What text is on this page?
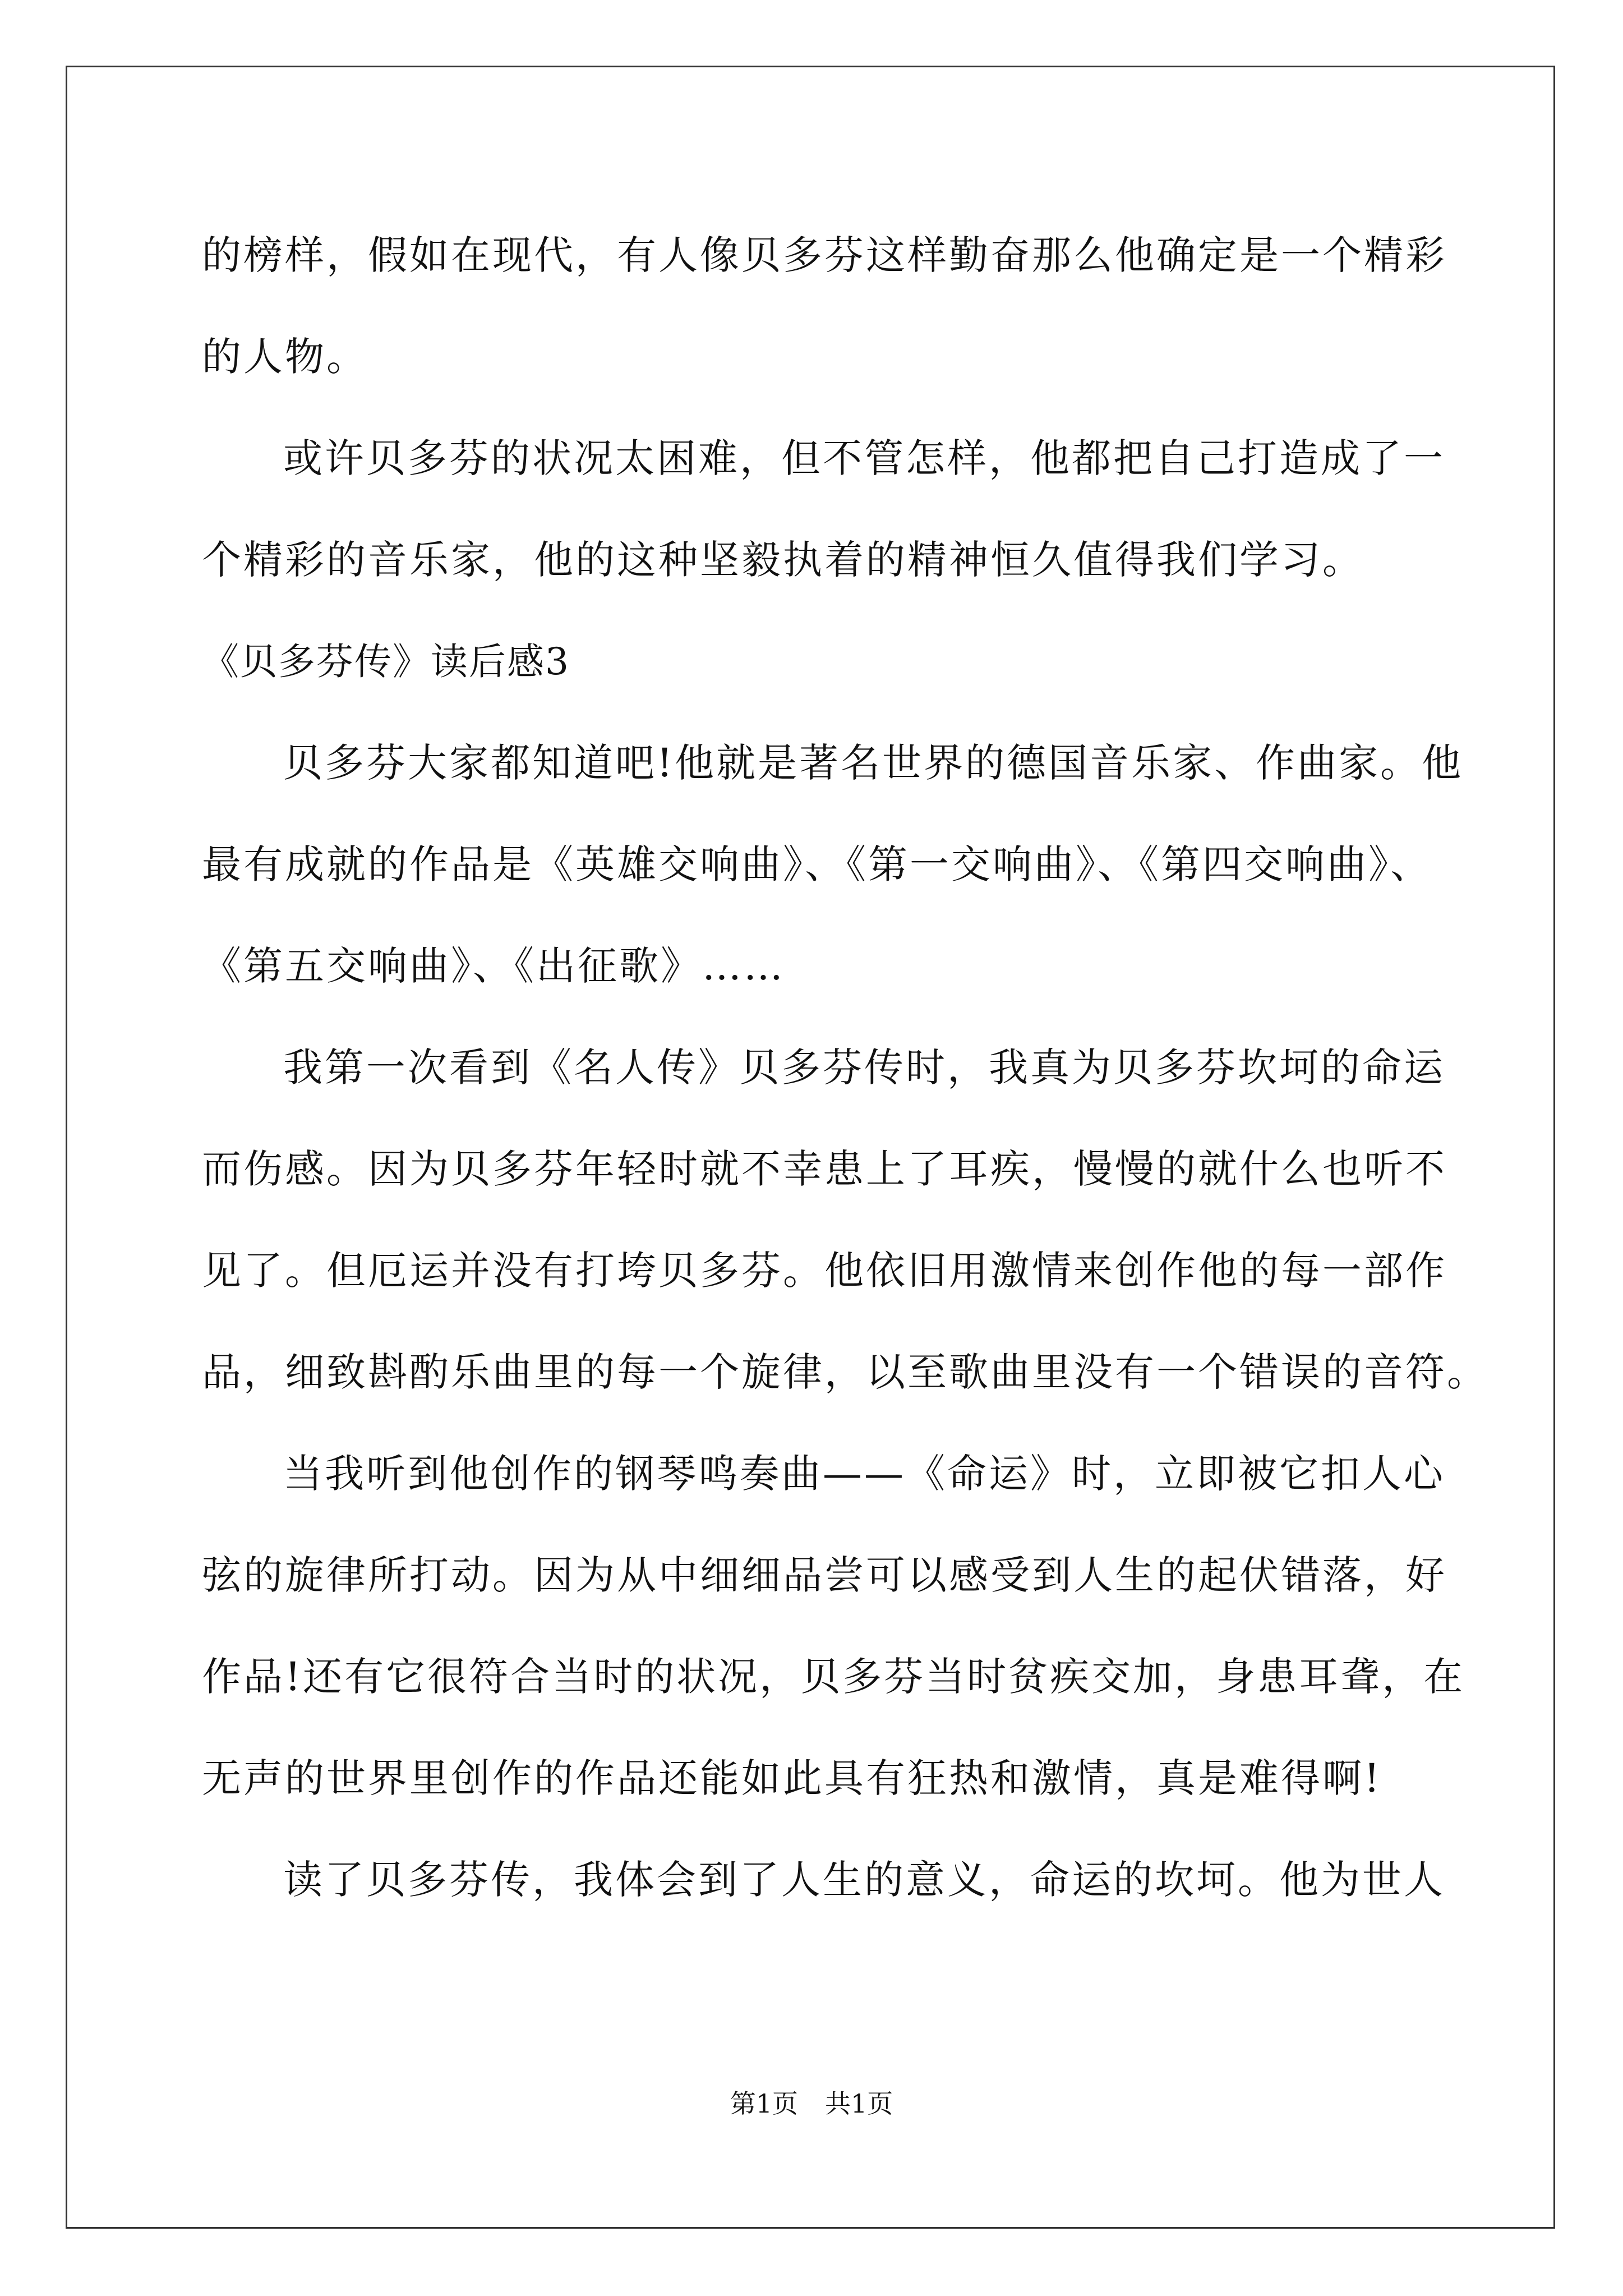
的榜样，假如在现代，有人像贝多芬这样勤奋那么他确定是一个精彩

的人物。

或许贝多芬的状况太困难，但不管怎样，他都把自己打造成了一

个精彩的音乐家，他的这种坚毅执着的精神恒久值得我们学习。

《贝多芬传》读后感3

贝多芬大家都知道吧!他就是著名世界的德国音乐家、作曲家。他

最有成就的作品是《英雄交响曲》、《第一交响曲》、《第四交响曲》、

《第五交响曲》、《出征歌》……

我第一次看到《名人传》贝多芬传时，我真为贝多芬坎坷的命运

而伤感。因为贝多芬年轻时就不幸患上了耳疾，慢慢的就什么也听不

见了。但厄运并没有打垮贝多芬。他依旧用激情来创作他的每一部作

品，细致斟酌乐曲里的每一个旋律，以至歌曲里没有一个错误的音符。

当我听到他创作的钢琴鸣奏曲——《命运》时，立即被它扣人心

弦的旋律所打动。因为从中细细品尝可以感受到人生的起伏错落，好

作品!还有它很符合当时的状况，贝多芬当时贫疾交加，身患耳聋，在

无声的世界里创作的作品还能如此具有狂热和激情，真是难得啊!

读了贝多芬传，我体会到了人生的意义，命运的坎坷。他为世人

第1页 共1页
